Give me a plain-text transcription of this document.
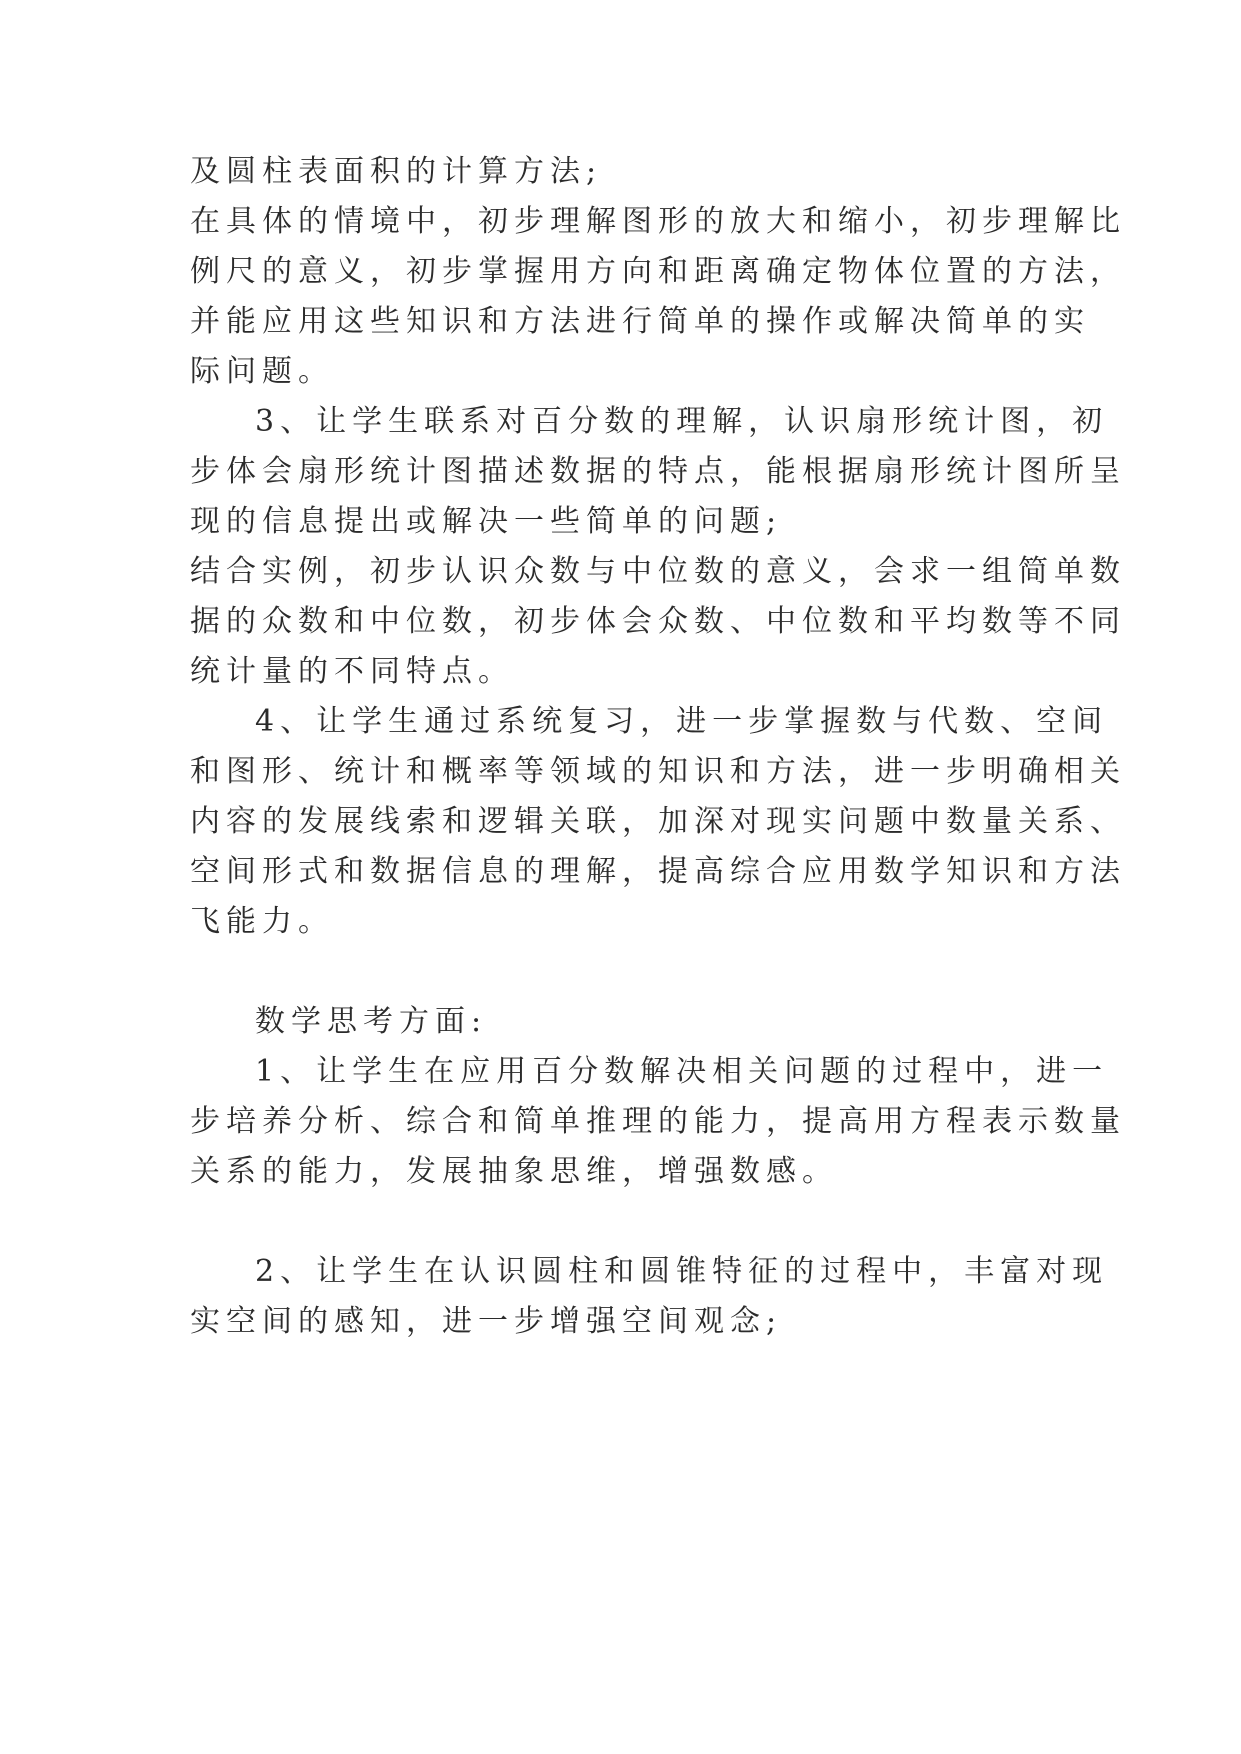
及圆柱表面积的计算方法;
在具体的情境中，初步理解图形的放大和缩小，初步理解比
例尺的意义，初步掌握用方向和距离确定物体位置的方法，
并能应用这些知识和方法进行简单的操作或解决简单的实
际问题。
3、让学生联系对百分数的理解，认识扇形统计图，初
步体会扇形统计图描述数据的特点，能根据扇形统计图所呈
现的信息提出或解决一些简单的问题;
结合实例，初步认识众数与中位数的意义，会求一组简单数
据的众数和中位数，初步体会众数、中位数和平均数等不同
统计量的不同特点。
4、让学生通过系统复习，进一步掌握数与代数、空间
和图形、统计和概率等领域的知识和方法，进一步明确相关
内容的发展线索和逻辑关联，加深对现实问题中数量关系、
空间形式和数据信息的理解，提高综合应用数学知识和方法
飞能力。
数学思考方面:
1、让学生在应用百分数解决相关问题的过程中，进一
步培养分析、综合和简单推理的能力，提高用方程表示数量
关系的能力，发展抽象思维，增强数感。
2、让学生在认识圆柱和圆锥特征的过程中，丰富对现
实空间的感知，进一步增强空间观念;
